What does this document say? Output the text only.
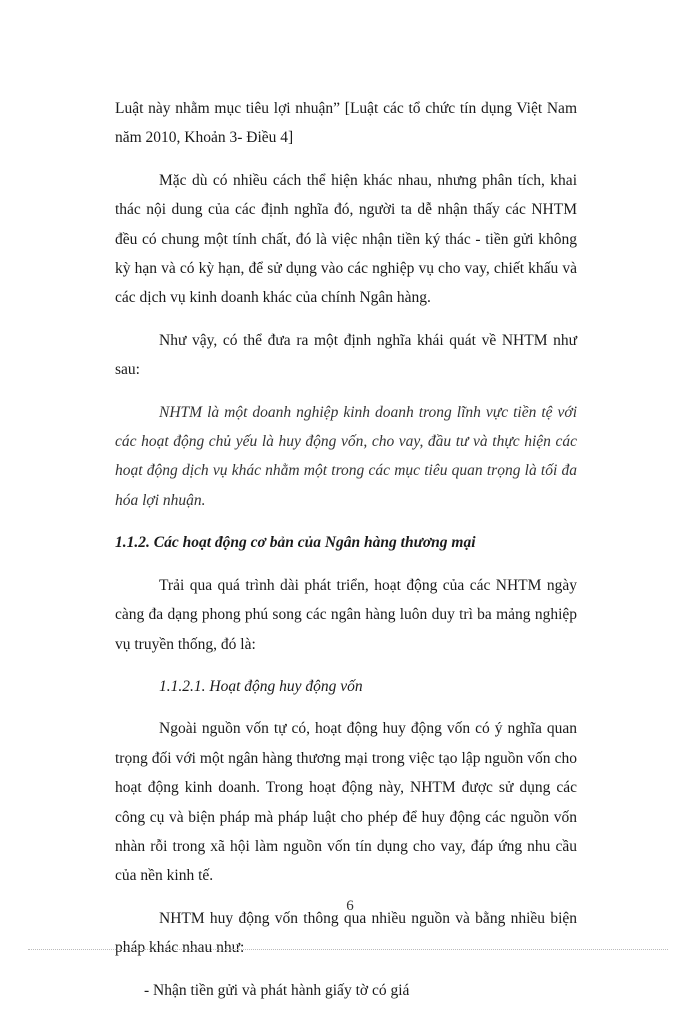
Luật này nhằm mục tiêu lợi nhuận” [Luật các tổ chức tín dụng Việt Nam năm 2010, Khoản 3- Điều 4]

Mặc dù có nhiều cách thể hiện khác nhau, nhưng phân tích, khai thác nội dung của các định nghĩa đó, người ta dễ nhận thấy các NHTM đều có chung một tính chất, đó là việc nhận tiền ký thác - tiền gửi không kỳ hạn và có kỳ hạn, để sử dụng vào các nghiệp vụ cho vay, chiết khấu và các dịch vụ kinh doanh khác của chính Ngân hàng.

Như vậy, có thể đưa ra một định nghĩa khái quát về NHTM như sau:

NHTM là một doanh nghiệp kinh doanh trong lĩnh vực tiền tệ với các hoạt động chủ yếu là huy động vốn, cho vay, đầu tư và thực hiện các hoạt động dịch vụ khác nhằm một trong các mục tiêu quan trọng là tối đa hóa lợi nhuận.

1.1.2. Các hoạt động cơ bản của Ngân hàng thương mại

Trải qua quá trình dài phát triển, hoạt động của các NHTM ngày càng đa dạng phong phú song các ngân hàng luôn duy trì ba mảng nghiệp vụ truyền thống, đó là:

1.1.2.1. Hoạt động huy động vốn

Ngoài nguồn vốn tự có, hoạt động huy động vốn có ý nghĩa quan trọng đối với một ngân hàng thương mại trong việc tạo lập nguồn vốn cho hoạt động kinh doanh. Trong hoạt động này, NHTM được sử dụng các công cụ và biện pháp mà pháp luật cho phép để huy động các nguồn vốn nhàn rỗi trong xã hội làm nguồn vốn tín dụng cho vay, đáp ứng nhu cầu của nền kinh tế.

NHTM huy động vốn thông qua nhiều nguồn và bằng nhiều biện pháp khác nhau như:

- Nhận tiền gửi và phát hành giấy tờ có giá

6
